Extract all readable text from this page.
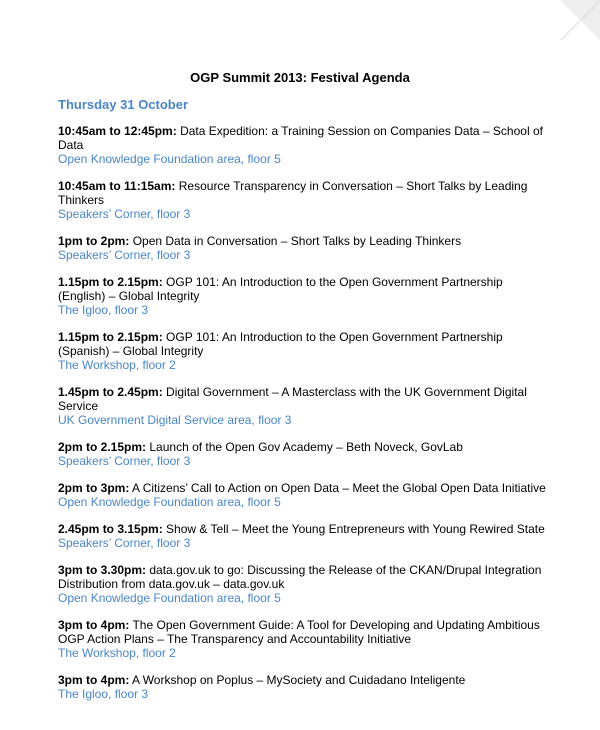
OGP Summit 2013: Festival Agenda
Thursday 31 October
10:45am to 12:45pm: Data Expedition: a Training Session on Companies Data – School of Data
Open Knowledge Foundation area, floor 5
10:45am to 11:15am: Resource Transparency in Conversation – Short Talks by Leading Thinkers
Speakers’ Corner, floor 3
1pm to 2pm: Open Data in Conversation – Short Talks by Leading Thinkers
Speakers’ Corner, floor 3
1.15pm to 2.15pm: OGP 101: An Introduction to the Open Government Partnership (English) – Global Integrity
The Igloo, floor 3
1.15pm to 2.15pm: OGP 101: An Introduction to the Open Government Partnership (Spanish) – Global Integrity
The Workshop, floor 2
1.45pm to 2.45pm: Digital Government – A Masterclass with the UK Government Digital Service
UK Government Digital Service area, floor 3
2pm to 2.15pm: Launch of the Open Gov Academy – Beth Noveck, GovLab
Speakers’ Corner, floor 3
2pm to 3pm: A Citizens’ Call to Action on Open Data – Meet the Global Open Data Initiative
Open Knowledge Foundation area, floor 5
2.45pm to 3.15pm: Show & Tell – Meet the Young Entrepreneurs with Young Rewired State
Speakers’ Corner, floor 3
3pm to 3.30pm: data.gov.uk to go: Discussing the Release of the CKAN/Drupal Integration Distribution from data.gov.uk – data.gov.uk
Open Knowledge Foundation area, floor 5
3pm to 4pm: The Open Government Guide: A Tool for Developing and Updating Ambitious OGP Action Plans – The Transparency and Accountability Initiative
The Workshop, floor 2
3pm to 4pm: A Workshop on Poplus – MySociety and Cuidadano Inteligente
The Igloo, floor 3
